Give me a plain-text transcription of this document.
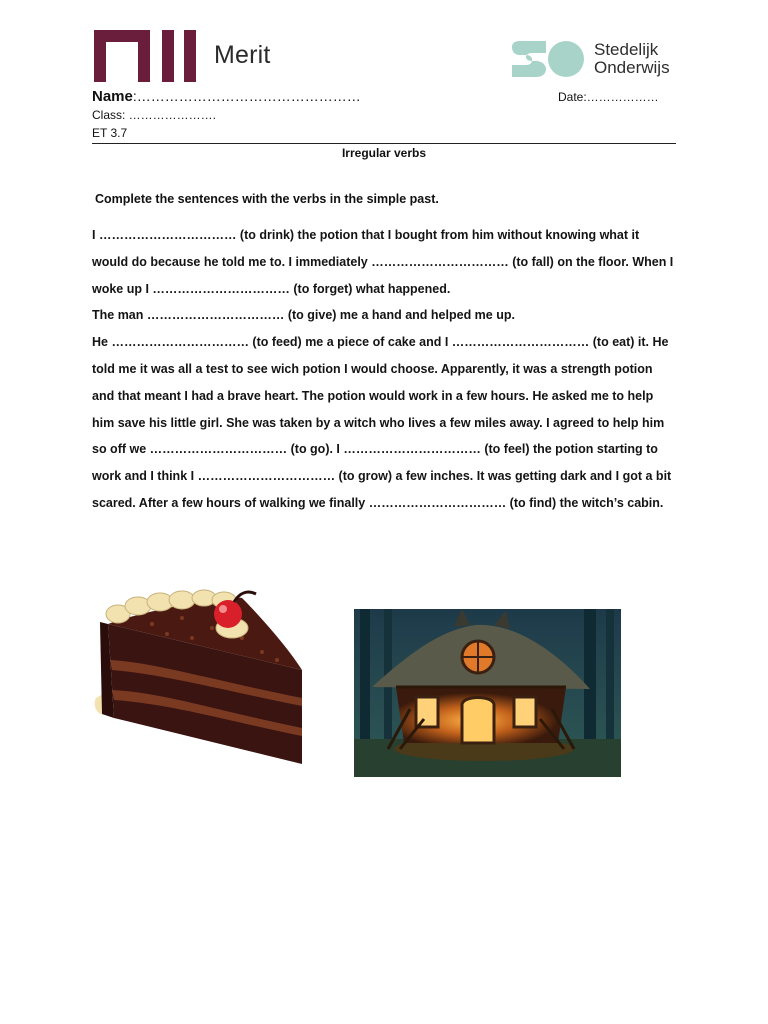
Merit	Stedelijk
Onderwijs
Name:…………………………………………	Date:………………
Class: ………………….
ET 3.7
Irregular verbs
Complete the sentences with the verbs in the simple past.

I …………………………… (to drink) the potion that I bought from him without knowing what it would do because he told me to. I immediately …………………………… (to fall) on the floor. When I woke up I …………………………… (to forget) what happened.

The man …………………………… (to give) me a hand and helped me up.

He …………………………… (to feed) me a piece of cake and I …………………………… (to eat) it. He told me it was all a test to see wich potion I would choose. Apparently, it was a strength potion and that meant I had a brave heart. The potion would work in a few hours. He asked me to help him save his little girl. She was taken by a witch who lives a few miles away. I agreed to help him so off we …………………………… (to go). I …………………………… (to feel) the potion starting to work and I think I …………………………… (to grow) a few inches. It was getting dark and I got a bit scared. After a few hours of walking we finally …………………………… (to find) the witch’s cabin.
